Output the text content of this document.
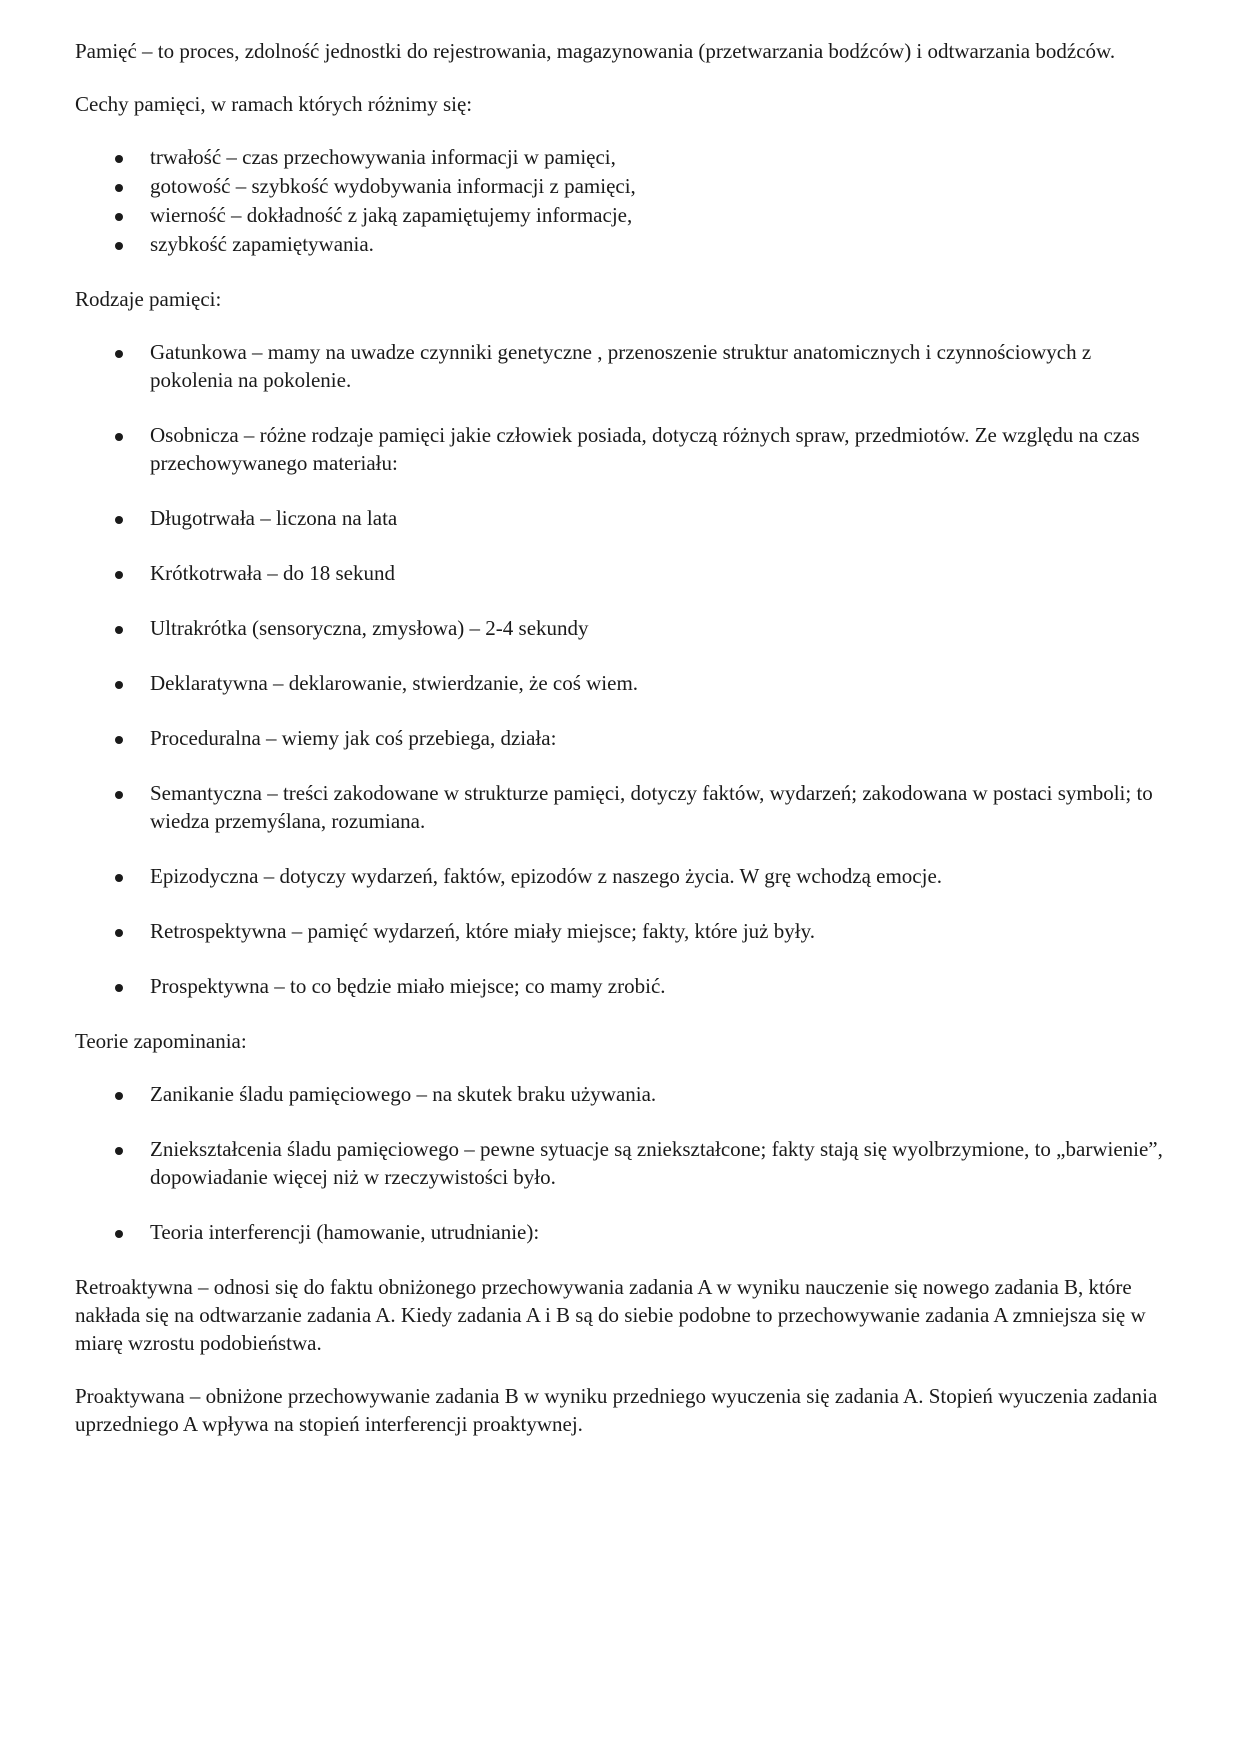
Pamięć – to proces, zdolność jednostki do rejestrowania, magazynowania (przetwarzania bodźców) i odtwarzania bodźców.

Cechy pamięci, w ramach których różnimy się:

trwałość – czas przechowywania informacji w pamięci,
gotowość – szybkość wydobywania informacji z pamięci,
wierność – dokładność z jaką zapamiętujemy informacje,
szybkość zapamiętywania.

Rodzaje pamięci:

Gatunkowa – mamy na uwadze czynniki genetyczne , przenoszenie struktur anatomicznych i czynnościowych z pokolenia na pokolenie.
Osobnicza – różne rodzaje pamięci jakie człowiek posiada, dotyczą różnych spraw, przedmiotów. Ze względu na czas przechowywanego materiału:
Długotrwała – liczona na lata
Krótkotrwała – do 18 sekund
Ultrakrótka (sensoryczna, zmysłowa) – 2-4 sekundy
Deklaratywna – deklarowanie, stwierdzanie, że coś wiem.
Proceduralna – wiemy jak coś przebiega, działa:
Semantyczna – treści zakodowane w strukturze pamięci, dotyczy faktów, wydarzeń; zakodowana w postaci symboli; to wiedza przemyślana, rozumiana.
Epizodyczna – dotyczy wydarzeń, faktów, epizodów z naszego życia. W grę wchodzą emocje.
Retrospektywna – pamięć wydarzeń, które miały miejsce; fakty, które już były.
Prospektywna – to co będzie miało miejsce; co mamy zrobić.

Teorie zapominania:

Zanikanie śladu pamięciowego – na skutek braku używania.
Zniekształcenia śladu pamięciowego – pewne sytuacje są zniekształcone; fakty stają się wyolbrzymione, to „barwienie”, dopowiadanie więcej niż w rzeczywistości było.
Teoria interferencji (hamowanie, utrudnianie):

Retroaktywna – odnosi się do faktu obniżonego przechowywania zadania A w wyniku nauczenie się nowego zadania B, które nakłada się na odtwarzanie zadania A. Kiedy zadania A i B są do siebie podobne to przechowywanie zadania A zmniejsza się w miarę wzrostu podobieństwa.

Proaktywana – obniżone przechowywanie zadania B w wyniku przedniego wyuczenia się zadania A. Stopień wyuczenia zadania uprzedniego A wpływa na stopień interferencji proaktywnej.
